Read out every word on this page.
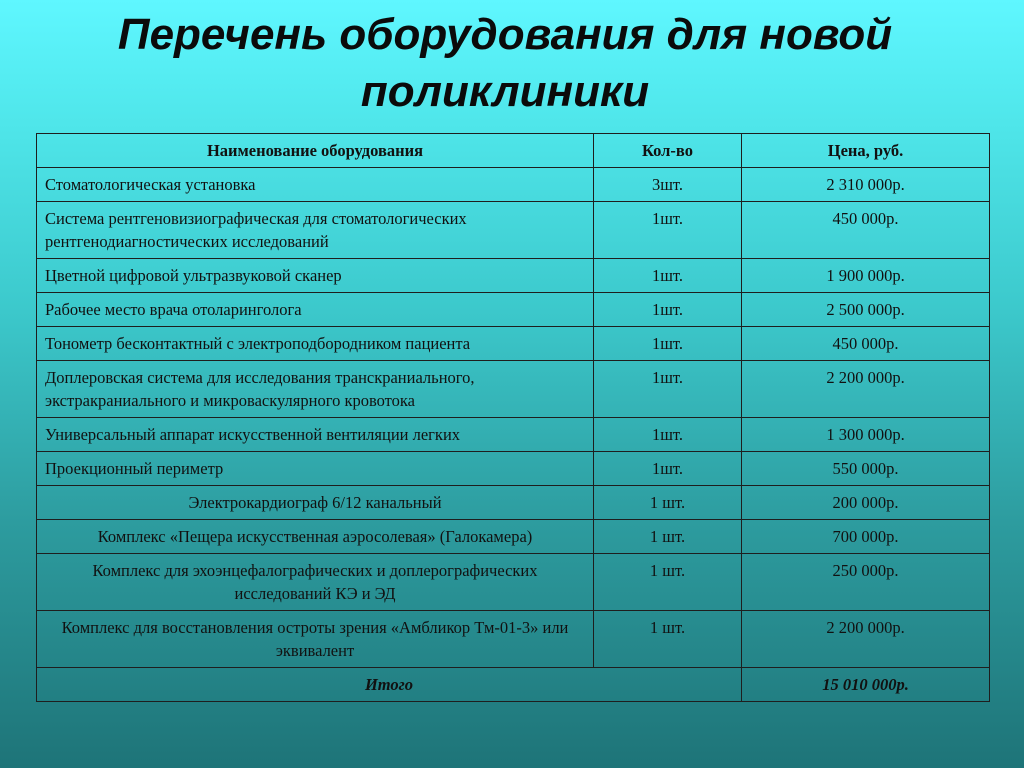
Перечень оборудования для новой
поликлиники
Наименование оборудования	Кол-во	Цена, руб.
Стоматологическая установка	3шт.	2 310 000р.
Система рентгеновизиографическая для стоматологических рентгенодиагностических исследований	1шт.	450 000р.
Цветной цифровой ультразвуковой сканер	1шт.	1 900 000р.
Рабочее место врача отоларинголога	1шт.	2 500 000р.
Тонометр бесконтактный с электроподбородником пациента	1шт.	450 000р.
Доплеровская система для исследования транскраниального, экстракраниального и микроваскулярного кровотока	1шт.	2 200 000р.
Универсальный аппарат искусственной вентиляции легких	1шт.	1 300 000р.
Проекционный периметр	1шт.	550 000р.
Электрокардиограф 6/12 канальный	1 шт.	200 000р.
Комплекс «Пещера искусственная аэросолевая» (Галокамера)	1 шт.	700 000р.
Комплекс для эхоэнцефалографических и доплерографических исследований КЭ и ЭД	1 шт.	250 000р.
Комплекс для восстановления остроты зрения «Амбликор Тм-01-3» или эквивалент	1 шт.	2 200 000р.
Итого		15 010 000р.
